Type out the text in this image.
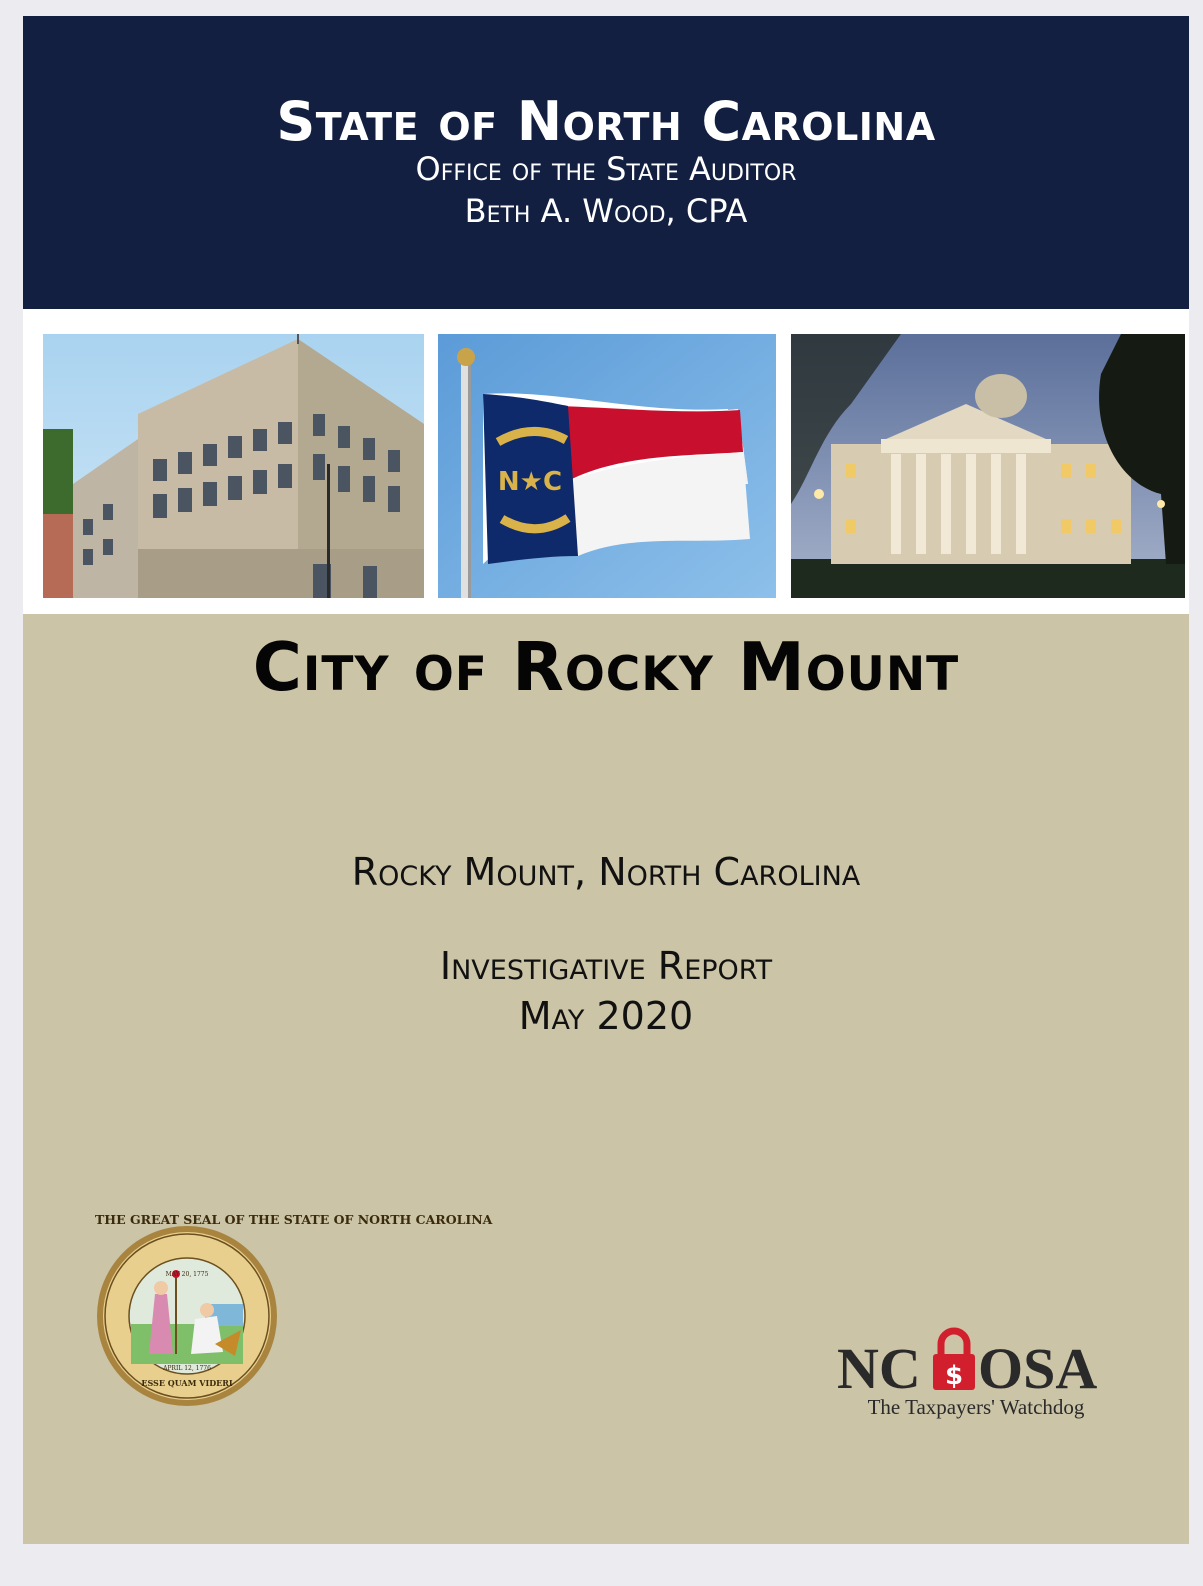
State of North Carolina
Office of the State Auditor
Beth A. Wood, CPA
N★C
City of Rocky Mount
Rocky Mount, North Carolina
Investigative Report
May 2020
THE GREAT SEAL OF THE STATE OF NORTH CAROLINA
MAY 20, 1775
APRIL 12, 1776
ESSE QUAM VIDERI	NC $ OSA
The Taxpayers' Watchdog
